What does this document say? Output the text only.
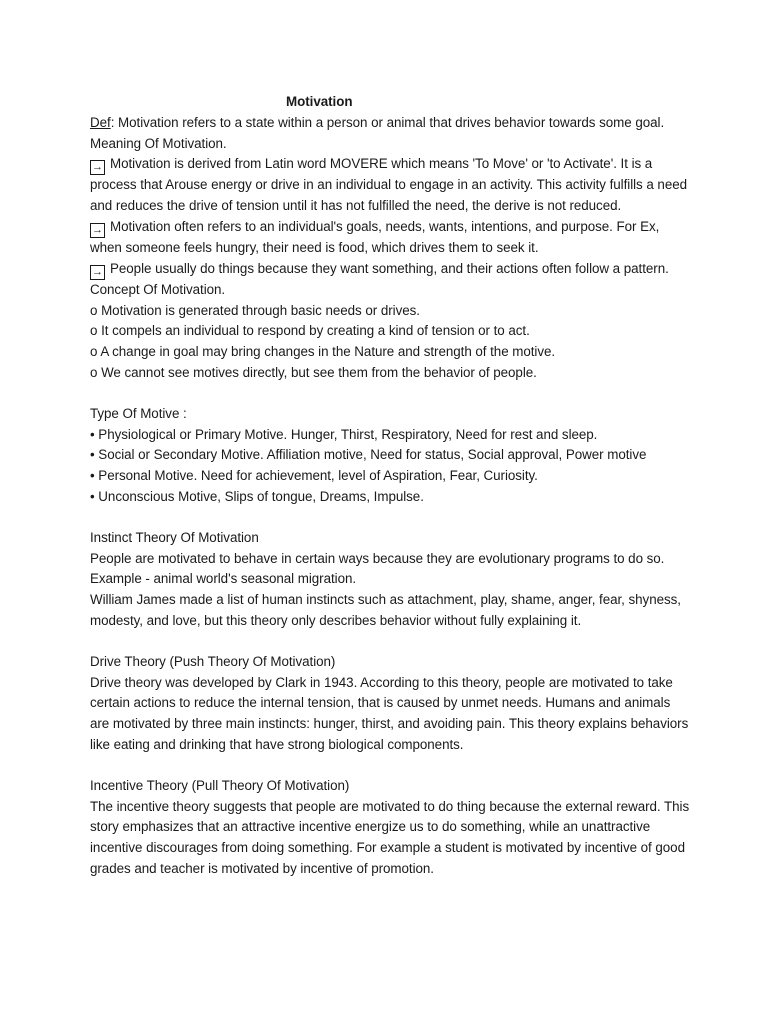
Motivation
Def: Motivation refers to a state within a person or animal that drives behavior towards some goal.
Meaning Of Motivation.
→ Motivation is derived from Latin word MOVERE which means 'To Move' or 'to Activate'. It is a process that Arouse energy or drive in an individual to engage in an activity. This activity fulfills a need and reduces the drive of tension until it has not fulfilled the need, the derive is not reduced.
→ Motivation often refers to an individual's goals, needs, wants, intentions, and purpose. For Ex, when someone feels hungry, their need is food, which drives them to seek it.
→ People usually do things because they want something, and their actions often follow a pattern.
Concept Of Motivation.
o Motivation is generated through basic needs or drives.
o It compels an individual to respond by creating a kind of tension or to act.
o A change in goal may bring changes in the Nature and strength of the motive.
o We cannot see motives directly, but see them from the behavior of people.
Type Of Motive :
• Physiological or Primary Motive. Hunger, Thirst, Respiratory, Need for rest and sleep.
• Social or Secondary Motive. Affiliation motive, Need for status, Social approval, Power motive
• Personal Motive. Need for achievement, level of Aspiration, Fear, Curiosity.
• Unconscious Motive, Slips of tongue, Dreams, Impulse.
Instinct Theory Of Motivation
People are motivated to behave in certain ways because they are evolutionary programs to do so. Example - animal world's seasonal migration.
William James made a list of human instincts such as attachment, play, shame, anger, fear, shyness, modesty, and love, but this theory only describes behavior without fully explaining it.
Drive Theory (Push Theory Of Motivation)
Drive theory was developed by Clark in 1943. According to this theory, people are motivated to take certain actions to reduce the internal tension, that is caused by unmet needs. Humans and animals are motivated by three main instincts: hunger, thirst, and avoiding pain. This theory explains behaviors like eating and drinking that have strong biological components.
Incentive Theory (Pull Theory Of Motivation)
The incentive theory suggests that people are motivated to do thing because the external reward. This story emphasizes that an attractive incentive energize us to do something, while an unattractive incentive discourages from doing something. For example a student is motivated by incentive of good grades and teacher is motivated by incentive of promotion.
